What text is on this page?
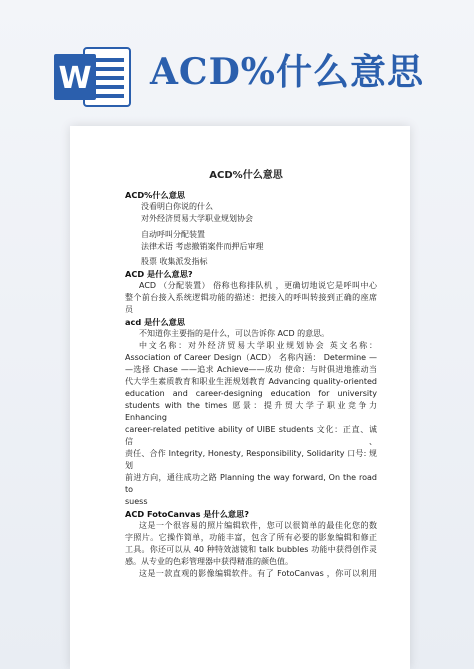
W ACD%什么意思
ACD%什么意思
ACD%什么意思
没看明白你说的什么
对外经济贸易大学职业规划协会
自动呼叫分配装置
法律术语 考虑撤销案件而押后审理
股票 收集派发指标
ACD 是什么意思?
ACD （分配装置） 俗称也称排队机 ，更确切地说它是呼叫中心
整个前台接入系统逻辑功能的描述：把接入的呼叫转接到正确的座席
员
acd 是什么意思
不知道你主要指的是什么，可以告诉你 ACD 的意思。
中文名称：对外经济贸易大学职业规划协会 英文名称：
Association of Career Design（ACD） 名称内涵： Determine —
—选择 Chase ——追求 Achieve——成功 使命：与时俱进地推动当
代大学生素质教育和职业生涯规划教育 Advancing quality-oriented
education and career-designing education for university
students with the times 愿景：提升贸大学子职业竞争力 Enhancing
career-related petitive ability of UIBE students 文化：正直、诚信、
责任、合作 Integrity, Honesty, Responsibility, Solidarity 口号: 规划
前进方向，通往成功之路 Planning the way forward, On the road to
suess
ACD FotoCanvas 是什么意思?
这是一个很容易的照片编辑软件，您可以很简单的最佳化您的数
字照片。它操作简单，功能丰富，包含了所有必要的影象编辑和修正
工具。你还可以从 40 种特效滤镜和 talk bubbles 功能中获得创作灵
感。从专业的色彩管理器中获得精准的颜色值。
这是一款直观的影像编辑软件。有了 FotoCanvas ，你可以利用
